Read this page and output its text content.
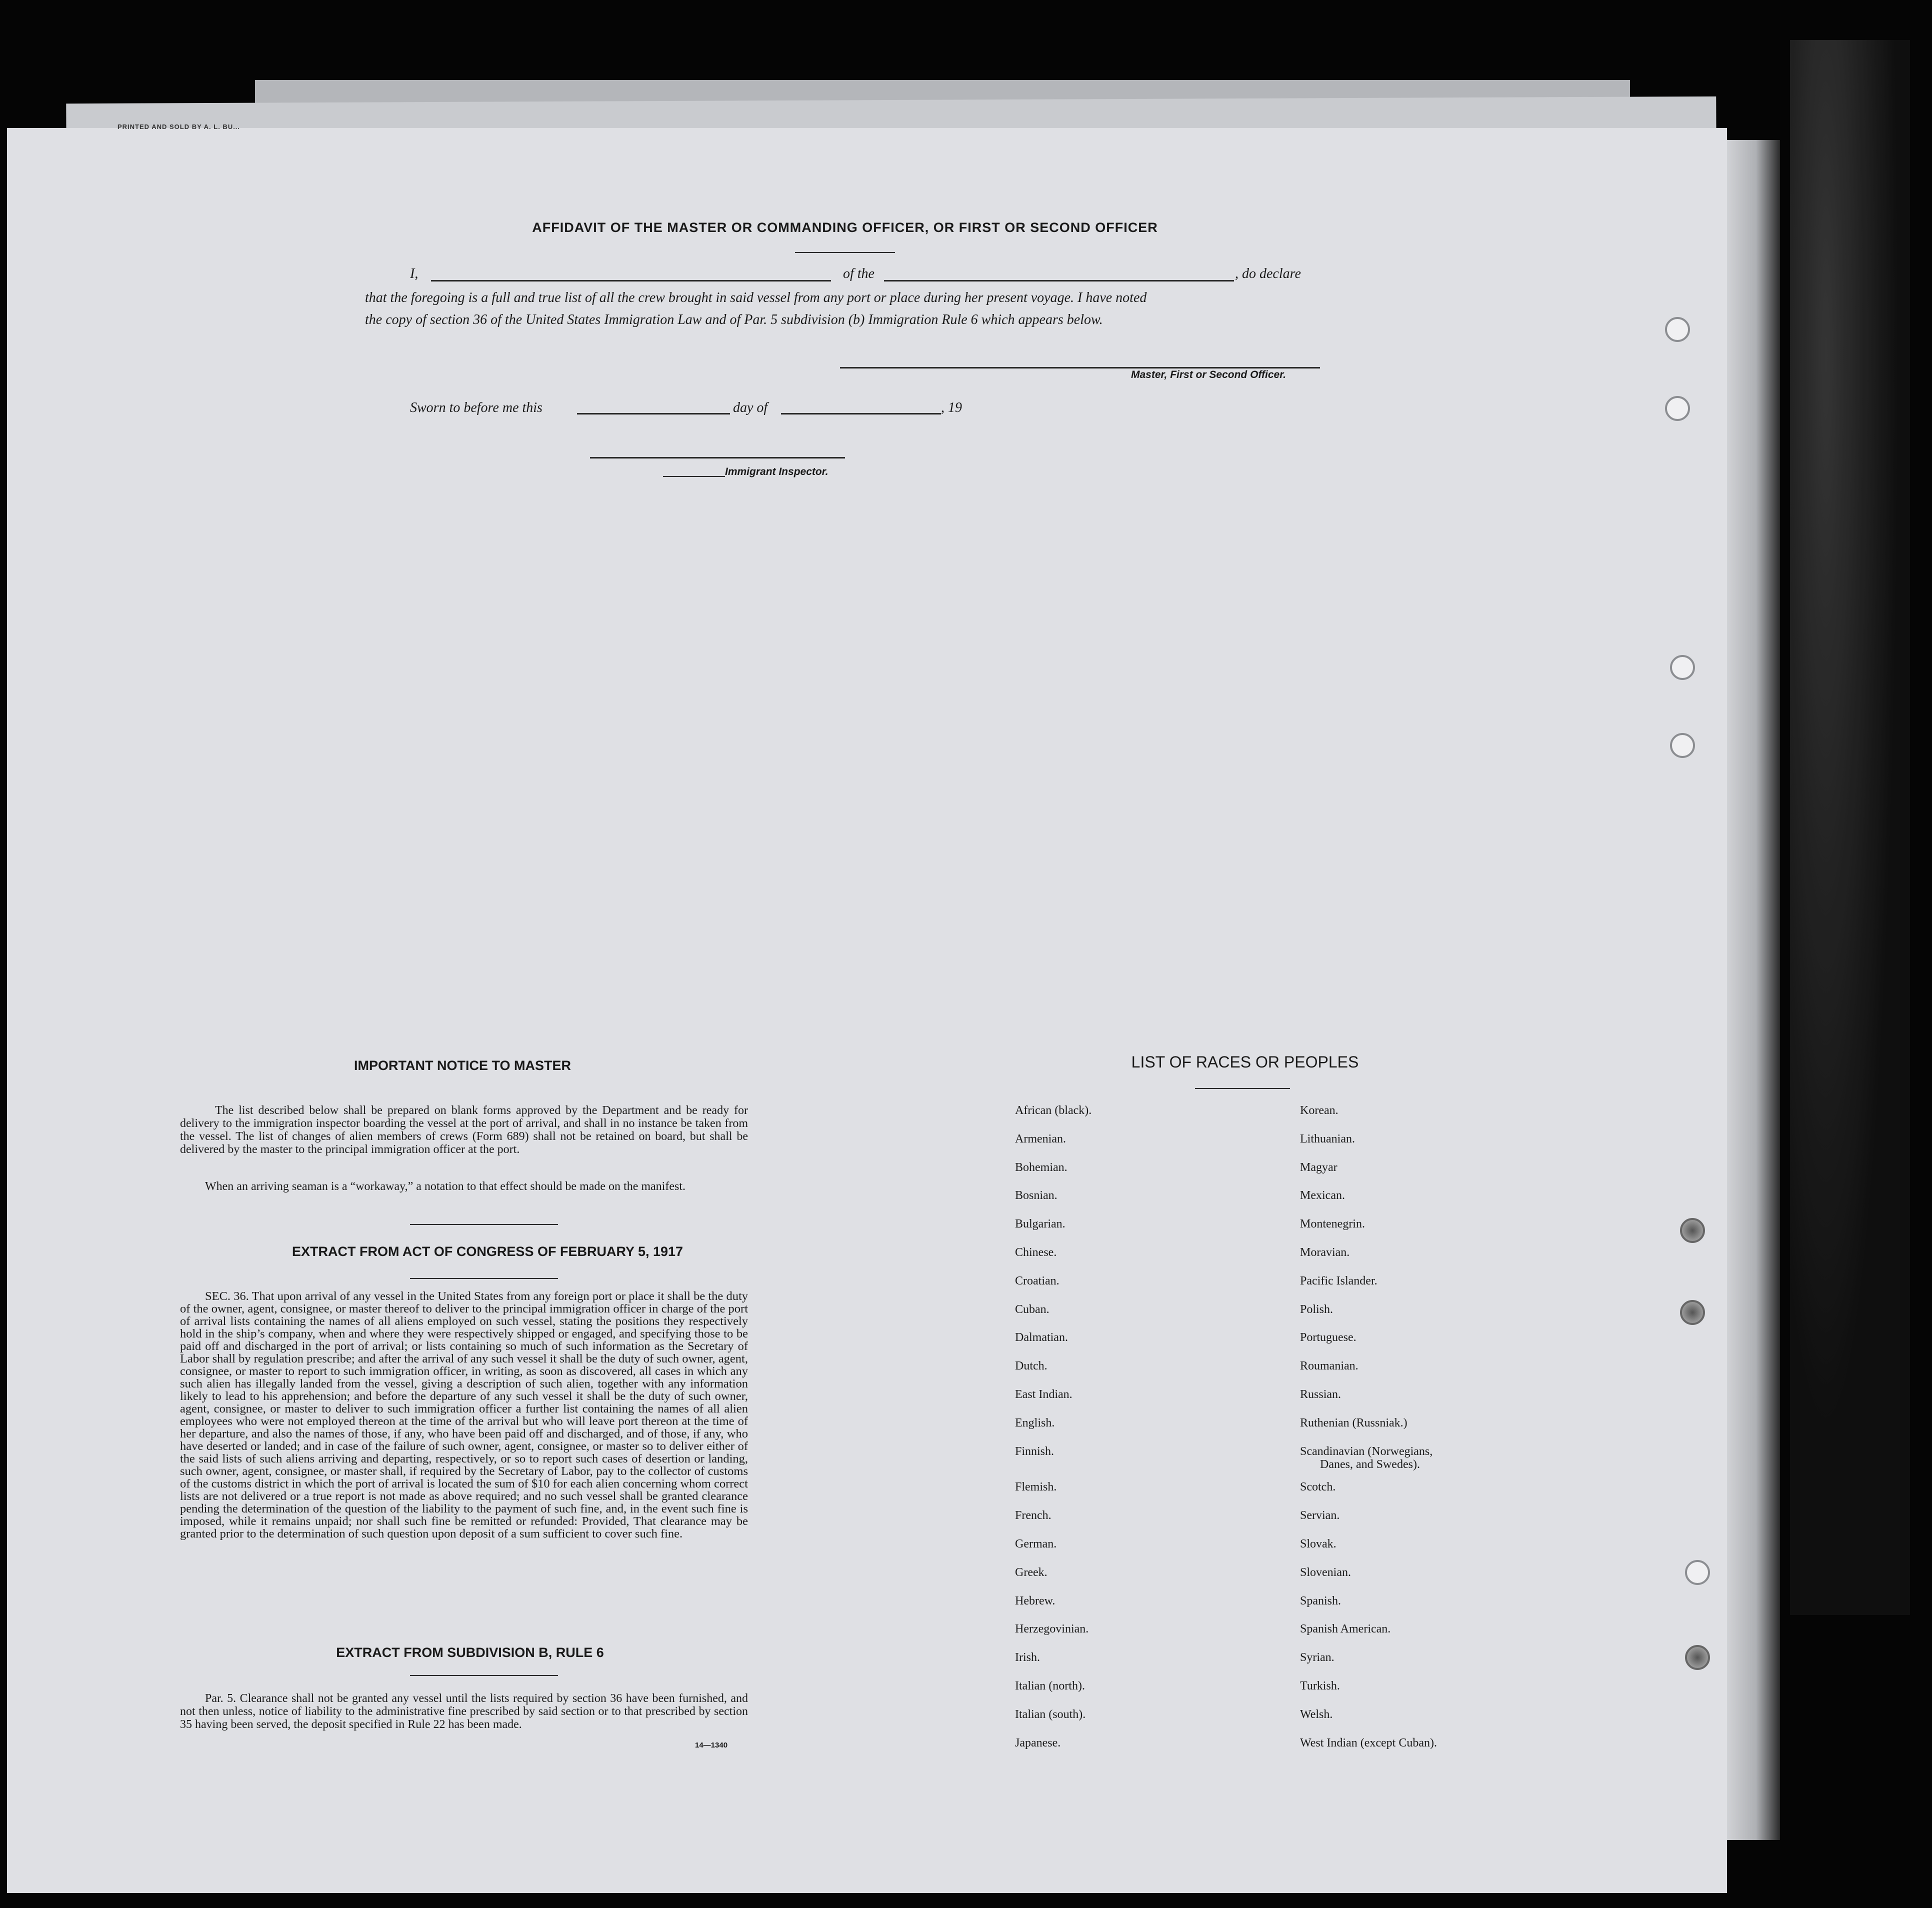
PRINTED AND SOLD BY A. L. BU...
AFFIDAVIT OF THE MASTER OR COMMANDING OFFICER, OR FIRST OR SECOND OFFICER
I,	of the	, do declare
that the foregoing is a full and true list of all the crew brought in said vessel from any port or place during her present voyage. I have noted
the copy of section 36 of the United States Immigration Law and of Par. 5 subdivision (b) Immigration Rule 6 which appears below.
Master, First or Second Officer.
Sworn to before me this	day of	, 19
Immigrant Inspector.
IMPORTANT NOTICE TO MASTER
The list described below shall be prepared on blank forms approved by the Department and be ready for delivery to the immigration inspector boarding the vessel at the port of arrival, and shall in no instance be taken from the vessel. The list of changes of alien members of crews (Form 689) shall not be retained on board, but shall be delivered by the master to the principal immigration officer at the port.
When an arriving seaman is a “workaway,” a notation to that effect should be made on the manifest.
EXTRACT FROM ACT OF CONGRESS OF FEBRUARY 5, 1917
SEC. 36. That upon arrival of any vessel in the United States from any foreign port or place it shall be the duty of the owner, agent, consignee, or master thereof to deliver to the principal immigration officer in charge of the port of arrival lists containing the names of all aliens employed on such vessel, stating the positions they respectively hold in the ship’s company, when and where they were respectively shipped or engaged, and specifying those to be paid off and discharged in the port of arrival; or lists containing so much of such information as the Secretary of Labor shall by regulation prescribe; and after the arrival of any such vessel it shall be the duty of such owner, agent, consignee, or master to report to such immigration officer, in writing, as soon as discovered, all cases in which any such alien has illegally landed from the vessel, giving a description of such alien, together with any information likely to lead to his apprehension; and before the departure of any such vessel it shall be the duty of such owner, agent, consignee, or master to deliver to such immigration officer a further list containing the names of all alien employees who were not employed thereon at the time of the arrival but who will leave port thereon at the time of her departure, and also the names of those, if any, who have been paid off and discharged, and of those, if any, who have deserted or landed; and in case of the failure of such owner, agent, consignee, or master so to deliver either of the said lists of such aliens arriving and departing, respectively, or so to report such cases of desertion or landing, such owner, agent, consignee, or master shall, if required by the Secretary of Labor, pay to the collector of customs of the customs district in which the port of arrival is located the sum of $10 for each alien concerning whom correct lists are not delivered or a true report is not made as above required; and no such vessel shall be granted clearance pending the determination of the question of the liability to the payment of such fine, and, in the event such fine is imposed, while it remains unpaid; nor shall such fine be remitted or refunded: Provided, That clearance may be granted prior to the determination of such question upon deposit of a sum sufficient to cover such fine.
EXTRACT FROM SUBDIVISION B, RULE 6
Par. 5. Clearance shall not be granted any vessel until the lists required by section 36 have been furnished, and not then unless, notice of liability to the administrative fine prescribed by said section or to that prescribed by section 35 having been served, the deposit specified in Rule 22 has been made.
14—1340
LIST OF RACES OR PEOPLES
African (black).
Armenian.
Bohemian.
Bosnian.
Bulgarian.
Chinese.
Croatian.
Cuban.
Dalmatian.
Dutch.
East Indian.
English.
Finnish.
Flemish.
French.
German.
Greek.
Hebrew.
Herzegovinian.
Irish.
Italian (north).
Italian (south).
Japanese.
Korean.
Lithuanian.
Magyar
Mexican.
Montenegrin.
Moravian.
Pacific Islander.
Polish.
Portuguese.
Roumanian.
Russian.
Ruthenian (Russniak.)
Scandinavian (Norwegians,
Danes, and Swedes).
Scotch.
Servian.
Slovak.
Slovenian.
Spanish.
Spanish American.
Syrian.
Turkish.
Welsh.
West Indian (except Cuban).
